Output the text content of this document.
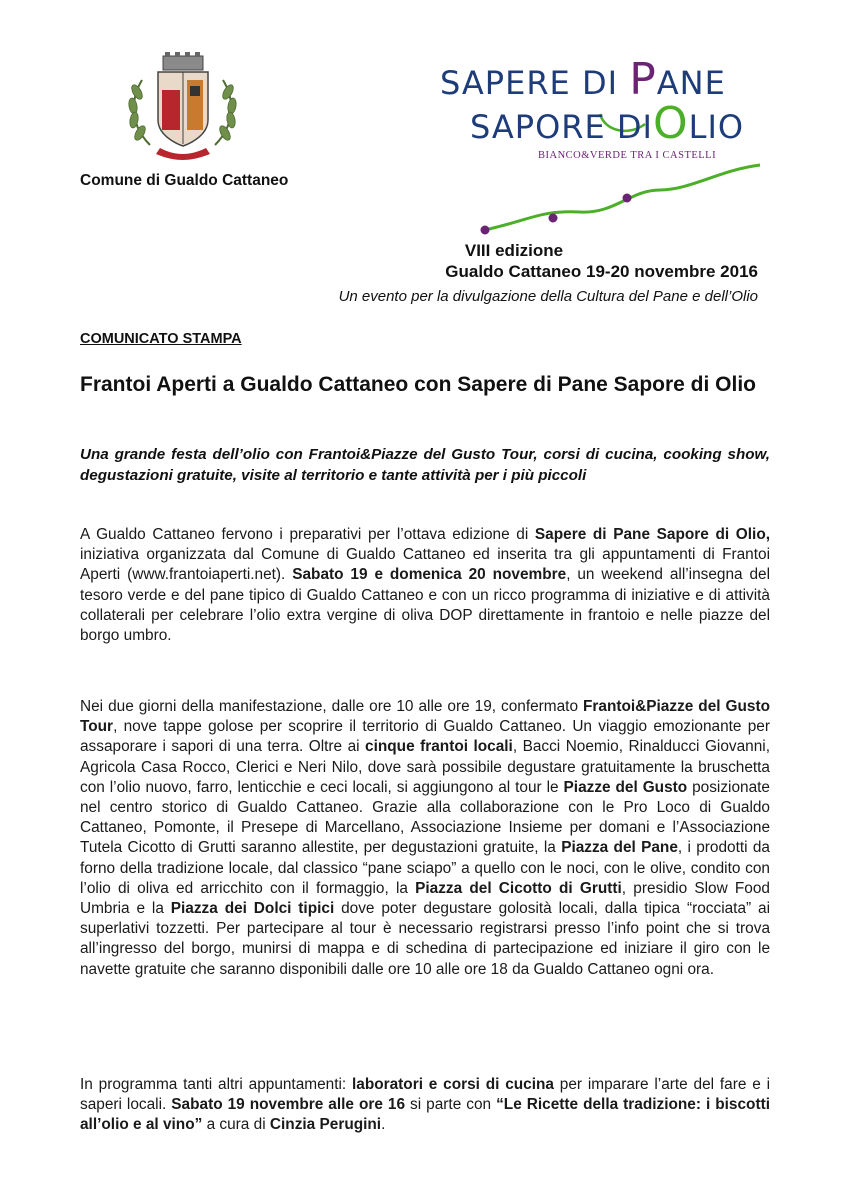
Comune di Gualdo Cattaneo
SAPERE DI PANE
SAPORE DIOLIO
BIANCO&VERDE TRA I CASTELLI
VIII edizione
Gualdo Cattaneo 19-20 novembre 2016
Un evento per la divulgazione della Cultura del Pane e dell’Olio
COMUNICATO STAMPA
Frantoi Aperti a Gualdo Cattaneo con Sapere di Pane Sapore di Olio
Una grande festa dell’olio con Frantoi&Piazze del Gusto Tour, corsi di cucina, cooking show, degustazioni gratuite, visite al territorio e tante attività per i più piccoli
A Gualdo Cattaneo fervono i preparativi per l’ottava edizione di Sapere di Pane Sapore di Olio, iniziativa organizzata dal Comune di Gualdo Cattaneo ed inserita tra gli appuntamenti di Frantoi Aperti (www.frantoiaperti.net). Sabato 19 e domenica 20 novembre, un weekend all’insegna del tesoro verde e del pane tipico di Gualdo Cattaneo e con un ricco programma di iniziative e di attività collaterali per celebrare l’olio extra vergine di oliva DOP direttamente in frantoio e nelle piazze del borgo umbro.
Nei due giorni della manifestazione, dalle ore 10 alle ore 19, confermato Frantoi&Piazze del Gusto Tour, nove tappe golose per scoprire il territorio di Gualdo Cattaneo. Un viaggio emozionante per assaporare i sapori di una terra. Oltre ai cinque frantoi locali, Bacci Noemio, Rinalducci Giovanni, Agricola Casa Rocco, Clerici e Neri Nilo, dove sarà possibile degustare gratuitamente la bruschetta con l’olio nuovo, farro, lenticchie e ceci locali, si aggiungono al tour le Piazze del Gusto posizionate nel centro storico di Gualdo Cattaneo. Grazie alla collaborazione con le Pro Loco di Gualdo Cattaneo, Pomonte, il Presepe di Marcellano, Associazione Insieme per domani e l’Associazione Tutela Cicotto di Grutti saranno allestite, per degustazioni gratuite, la Piazza del Pane, i prodotti da forno della tradizione locale, dal classico “pane sciapo” a quello con le noci, con le olive, condito con l’olio di oliva ed arricchito con il formaggio, la Piazza del Cicotto di Grutti, presidio Slow Food Umbria e la Piazza dei Dolci tipici dove poter degustare golosità locali, dalla tipica “rocciata” ai superlativi tozzetti. Per partecipare al tour è necessario registrarsi presso l’info point che si trova all’ingresso del borgo, munirsi di mappa e di schedina di partecipazione ed iniziare il giro con le navette gratuite che saranno disponibili dalle ore 10 alle ore 18 da Gualdo Cattaneo ogni ora.
In programma tanti altri appuntamenti: laboratori e corsi di cucina per imparare l’arte del fare e i saperi locali. Sabato 19 novembre alle ore 16 si parte con “Le Ricette della tradizione: i biscotti all’olio e al vino” a cura di Cinzia Perugini.
